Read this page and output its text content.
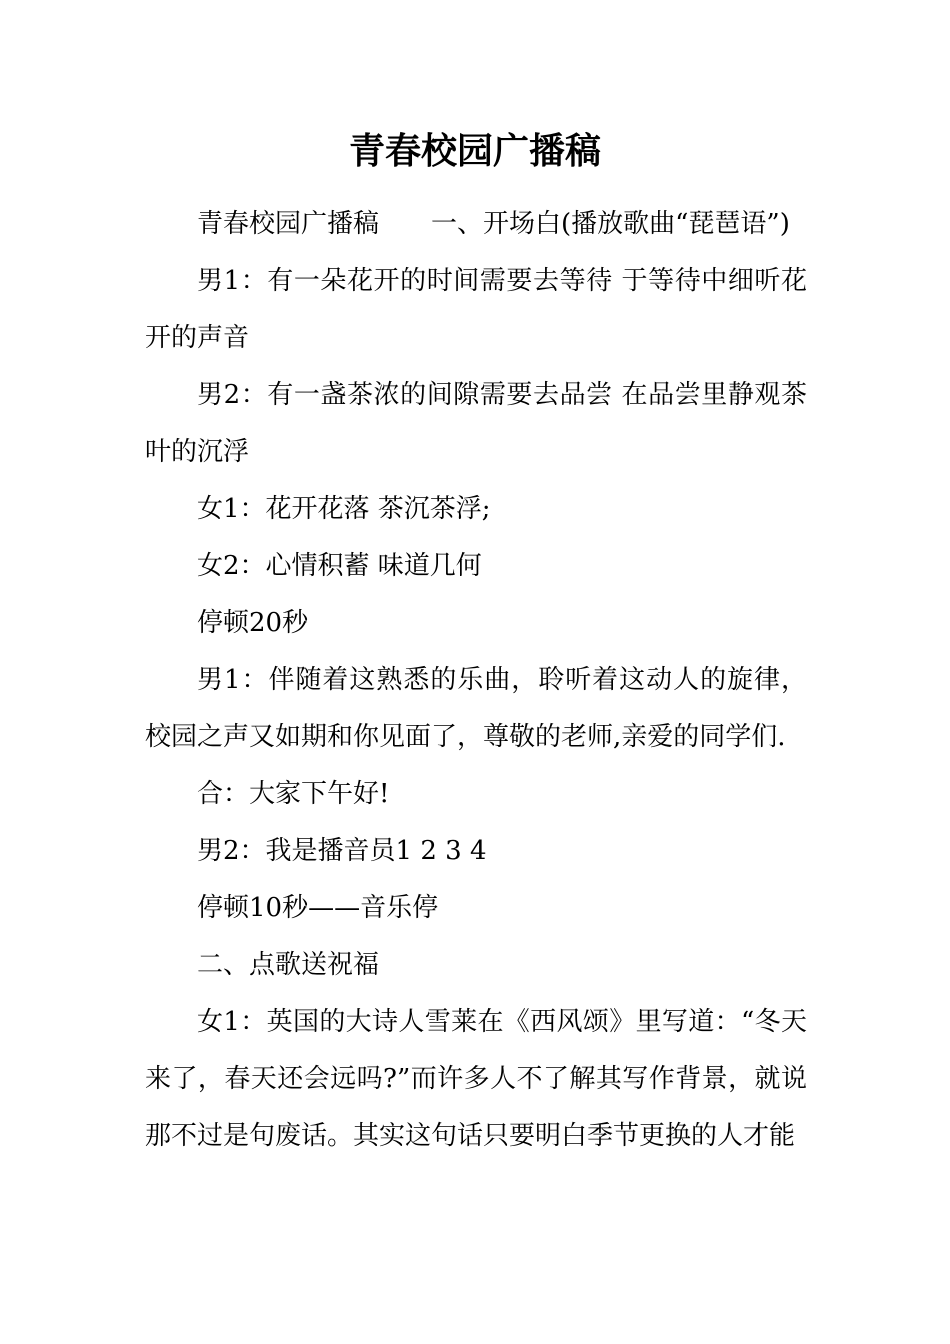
青春校园广播稿

青春校园广播稿　　一、开场白(播放歌曲“琵琶语”)

男1：有一朵花开的时间需要去等待 于等待中细听花开的声音

男2：有一盏茶浓的间隙需要去品尝 在品尝里静观茶叶的沉浮

女1：花开花落 茶沉茶浮;

女2：心情积蓄 味道几何

停顿20秒

男1：伴随着这熟悉的乐曲，聆听着这动人的旋律，校园之声又如期和你见面了，尊敬的老师,亲爱的同学们.

合：大家下午好!

男2：我是播音员1 2 3 4

停顿10秒——音乐停

二、点歌送祝福

女1：英国的大诗人雪莱在《西风颂》里写道：“冬天来了，春天还会远吗?”而许多人不了解其写作背景，就说那不过是句废话。其实这句话只要明白季节更换的人才能
